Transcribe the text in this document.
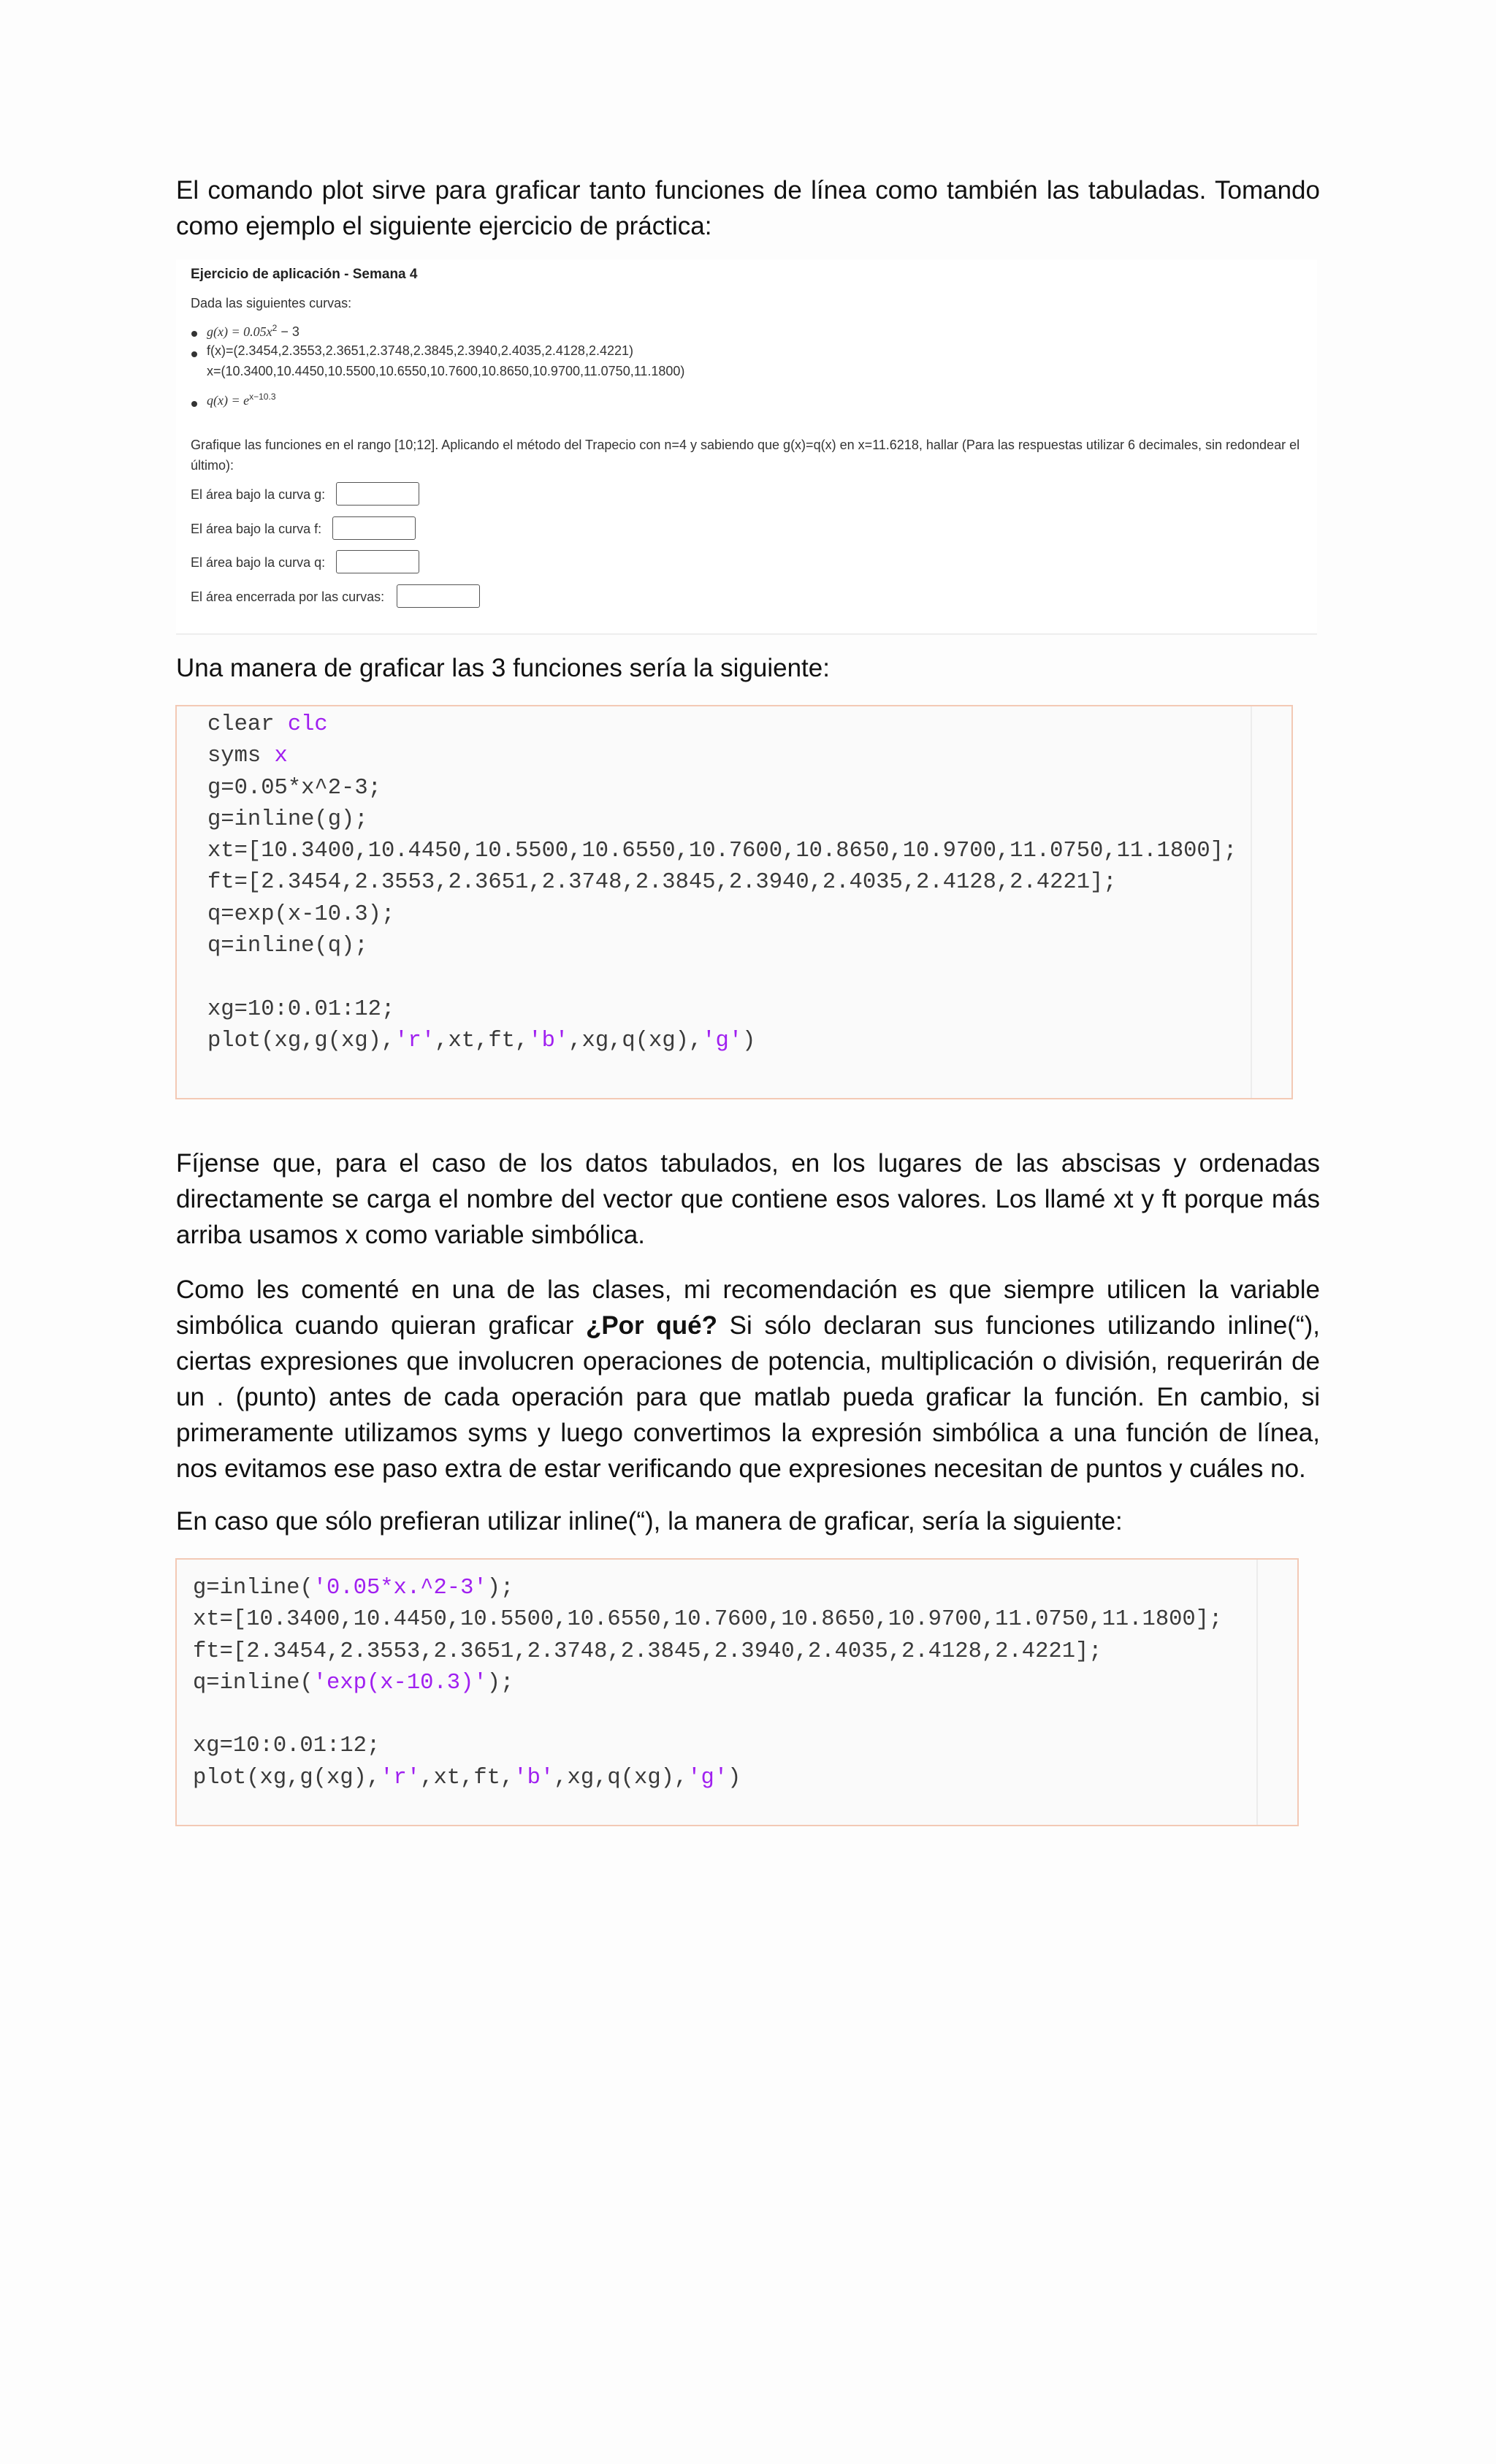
El comando plot sirve para graficar tanto funciones de línea como también las tabuladas. Tomando como ejemplo el siguiente ejercicio de práctica:

Ejercicio de aplicación - Semana 4
Dada las siguientes curvas:
$g(x) = 0.05x^2 - 3$
f(x)=(2.3454,2.3553,2.3651,2.3748,2.3845,2.3940,2.4035,2.4128,2.4221)
x=(10.3400,10.4450,10.5500,10.6550,10.7600,10.8650,10.9700,11.0750,11.1800)
$q(x) = e^{x-10.3}$
Grafique las funciones en el rango [10;12]. Aplicando el método del Trapecio con n=4 y sabiendo que g(x)=q(x) en x=11.6218, hallar (Para las respuestas utilizar 6 decimales, sin redondear el último):
El área bajo la curva g:
El área bajo la curva f:
El área bajo la curva q:
El área encerrada por las curvas:

Una manera de graficar las 3 funciones sería la siguiente:

clear clc
syms x
g=0.05*x^2-3;
g=inline(g);
xt=[10.3400,10.4450,10.5500,10.6550,10.7600,10.8650,10.9700,11.0750,11.1800];
ft=[2.3454,2.3553,2.3651,2.3748,2.3845,2.3940,2.4035,2.4128,2.4221];
q=exp(x-10.3);
q=inline(q);

xg=10:0.01:12;
plot(xg,g(xg),'r',xt,ft,'b',xg,q(xg),'g')

Fíjense que, para el caso de los datos tabulados, en los lugares de las abscisas y ordenadas directamente se carga el nombre del vector que contiene esos valores. Los llamé xt y ft porque más arriba usamos x como variable simbólica.

Como les comenté en una de las clases, mi recomendación es que siempre utilicen la variable simbólica cuando quieran graficar ¿Por qué? Si sólo declaran sus funciones utilizando inline(“), ciertas expresiones que involucren operaciones de potencia, multiplicación o división, requerirán de un . (punto) antes de cada operación para que matlab pueda graficar la función. En cambio, si primeramente utilizamos syms y luego convertimos la expresión simbólica a una función de línea, nos evitamos ese paso extra de estar verificando que expresiones necesitan de puntos y cuáles no.

En caso que sólo prefieran utilizar inline(“), la manera de graficar, sería la siguiente:

g=inline('0.05*x.^2-3');
xt=[10.3400,10.4450,10.5500,10.6550,10.7600,10.8650,10.9700,11.0750,11.1800];
ft=[2.3454,2.3553,2.3651,2.3748,2.3845,2.3940,2.4035,2.4128,2.4221];
q=inline('exp(x-10.3)');

xg=10:0.01:12;
plot(xg,g(xg),'r',xt,ft,'b',xg,q(xg),'g')
